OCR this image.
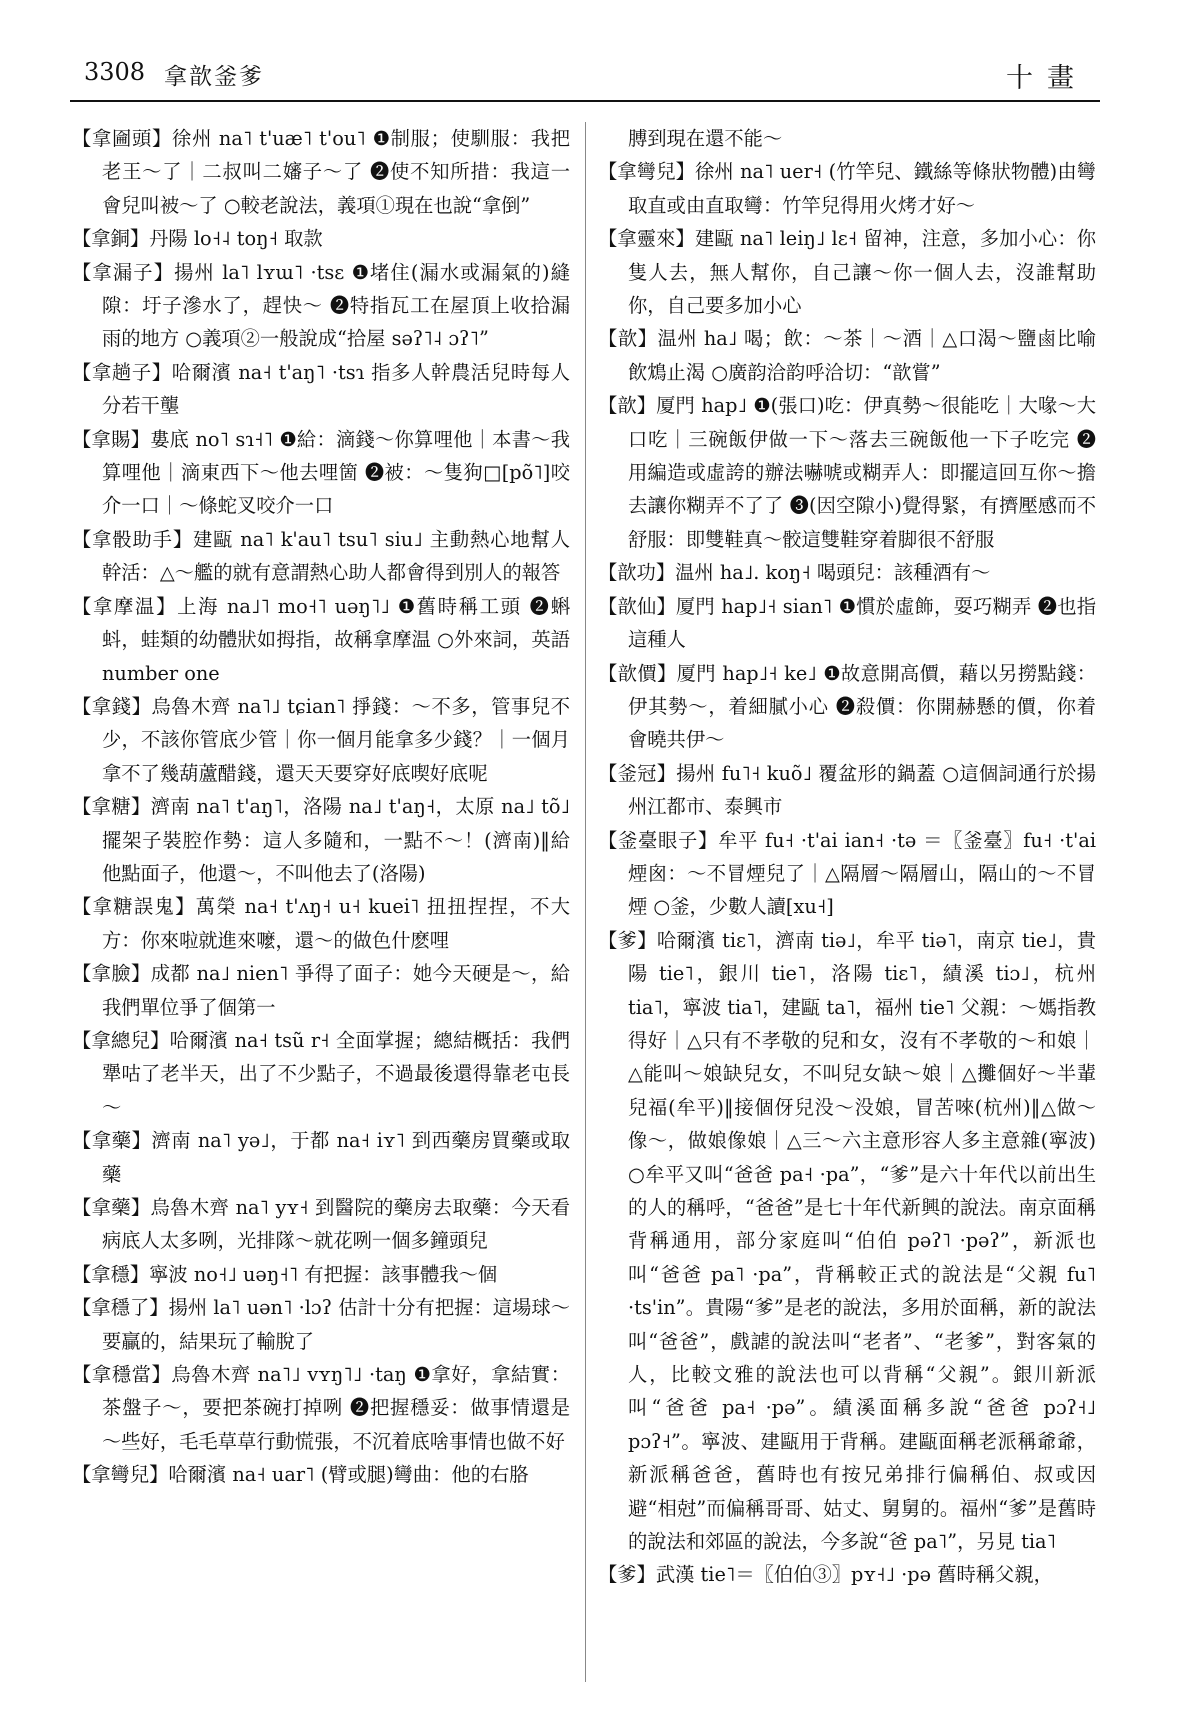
3308 拿歆釜爹	十畫

【拿圇頭】徐州 na˥ t'uæ˥ t'ou˥ ❶制服；使馴服：我把老王～了｜二叔叫二嬸子～了 ❷使不知所措：我這一會兒叫被～了 ○較老說法，義項①現在也說“拿倒”

【拿銅】丹陽 lo˧˨ toŋ˧ 取款

【拿漏子】揚州 la˥ lʏɯ˥ ·tsɛ ❶堵住(漏水或漏氣的)縫隙：圩子滲水了，趕快～ ❷特指瓦工在屋頂上收拾漏雨的地方 ○義項②一般說成“拾屋 səʔ˥˨ ɔʔ˥”

【拿趟子】哈爾濱 na˧ t'aŋ˥ ·tsɿ 指多人幹農活兒時每人分若干壟

【拿賜】婁底 no˥ sɿ˧˥ ❶給：滴錢～你算哩他｜本書～我算哩他｜滴東西下～他去哩箇 ❷被：～隻狗□[põ˥]咬介一口｜～條蛇叉咬介一口

【拿骰助手】建甌 na˥ k'au˥ tsu˥ siu˩ 主動熱心地幫人幹活：△～艦的就有意謂熱心助人都會得到別人的報答

【拿摩温】上海 na˩˥ mo˧˥ uəŋ˥˩ ❶舊時稱工頭 ❷蝌蚪，蛙類的幼體狀如拇指，故稱拿摩温 ○外來詞，英語 number one

【拿錢】烏魯木齊 na˥˩ tɕian˥ 掙錢：～不多，管事兒不少，不該你管底少管｜你一個月能拿多少錢？｜一個月拿不了幾葫蘆醋錢，還天天要穿好底喫好底呢

【拿糖】濟南 na˥ t'aŋ˥，洛陽 na˩ t'aŋ˧，太原 na˩ tõ˩ 擺架子裝腔作勢：這人多隨和，一點不～！(濟南)‖給他點面子，他還～，不叫他去了(洛陽)

【拿糖誤鬼】萬榮 na˧ t'ʌŋ˧ u˧ kuei˥ 扭扭捏捏，不大方：你來啦就進來嚒，還～的做色什麽哩

【拿臉】成都 na˩ nien˥ 爭得了面子：她今天硬是～，給我們單位爭了個第一

【拿總兒】哈爾濱 na˧ tsũ r˧ 全面掌握；總結概括：我們犟咕了老半天，出了不少點子，不過最後還得靠老屯長～

【拿藥】濟南 na˥ yə˩，于都 na˧ iʏ˥ 到西藥房買藥或取藥

【拿藥】烏魯木齊 na˥ yʏ˧ 到醫院的藥房去取藥：今天看病底人太多咧，光排隊～就花咧一個多鐘頭兒

【拿穩】寧波 no˧˩ uəŋ˧˥ 有把握：該事體我～個

【拿穩了】揚州 la˥ uən˥ ·lɔʔ 估計十分有把握：這場球～要贏的，結果玩了輸脫了

【拿穩當】烏魯木齊 na˥˩ vʏŋ˥˩ ·taŋ ❶拿好，拿結實：茶盤子～，要把茶碗打掉咧 ❷把握穩妥：做事情還是～些好，毛毛草草行動慌張，不沉着底啥事情也做不好

【拿彎兒】哈爾濱 na˧ uar˥ (臂或腿)彎曲：他的右胳

膊到現在還不能～

【拿彎兒】徐州 na˥ uer˧ (竹竿兒、鐵絲等條狀物體)由彎取直或由直取彎：竹竿兒得用火烤才好～

【拿靈來】建甌 na˥ leiŋ˩ lɛ˧ 留神，注意，多加小心：你隻人去，無人幫你，自己讓～你一個人去，沒誰幫助你，自己要多加小心

【歆】温州 ha˩ 喝；飲：～茶｜～酒｜△口渴～鹽鹵比喻飲鴆止渴 ○廣韵洽韵呼洽切：“歆嘗”

【歆】厦門 hap˩ ❶(張口)吃：伊真勢～很能吃｜大喙～大口吃｜三碗飯伊做一下～落去三碗飯他一下子吃完 ❷用編造或虛誇的辦法嚇唬或糊弄人：即擺這回互你～擔去讓你糊弄不了了 ❸(因空隙小)覺得緊，有擠壓感而不舒服：即雙鞋真～骹這雙鞋穿着脚很不舒服

【歆功】温州 ha˩. koŋ˧ 喝頭兒：該種酒有～

【歆仙】厦門 hap˩˧ sian˥ ❶慣於虛飾，耍巧糊弄 ❷也指這種人

【歆價】厦門 hap˩˧ ke˩ ❶故意開高價，藉以另撈點錢：伊其勢～，着細膩小心 ❷殺價：你開赫懸的價，你着會曉共伊～

【釜冠】揚州 fu˥˧ kuõ˩ 覆盆形的鍋蓋 ○這個詞通行於揚州江都市、泰興市

【釜臺眼子】牟平 fu˧ ·t'ai ian˧ ·tə ＝〖釜臺〗fu˧ ·t'ai 煙囪：～不冒煙兒了｜△隔層～隔層山，隔山的～不冒煙 ○釜，少數人讀[xu˧]

【爹】哈爾濱 tiɛ˥，濟南 tiə˩，牟平 tiə˥，南京 tie˩，貴陽 tie˥，銀川 tie˥，洛陽 tiɛ˥，績溪 tiɔ˩，杭州 tia˥，寧波 tia˥，建甌 ta˥，福州 tie˥ 父親：～媽指教得好｜△只有不孝敬的兒和女，沒有不孝敬的～和娘｜△能叫～娘缺兒女，不叫兒女缺～娘｜△攤個好～半輩兒福(牟平)‖接個伢兒没～没娘，冒苦唻(杭州)‖△做～像～，做娘像娘｜△三～六主意形容人多主意雜(寧波) ○牟平又叫“爸爸 pa˧ ·pa”，“爹”是六十年代以前出生的人的稱呼，“爸爸”是七十年代新興的說法。南京面稱背稱通用，部分家庭叫“伯伯 pəʔ˥ ·pəʔ”，新派也叫“爸爸 pa˥ ·pa”，背稱較正式的說法是“父親 fu˥ ·ts'in”。貴陽“爹”是老的說法，多用於面稱，新的說法叫“爸爸”，戲謔的說法叫“老者”、“老爹”，對客氣的人，比較文雅的說法也可以背稱“父親”。銀川新派叫“爸爸 pa˧ ·pə”。績溪面稱多說“爸爸 pɔʔ˧˩ pɔʔ˧”。寧波、建甌用于背稱。建甌面稱老派稱爺爺，新派稱爸爸，舊時也有按兄弟排行偏稱伯、叔或因避“相尅”而偏稱哥哥、姑丈、舅舅的。福州“爹”是舊時的說法和郊區的說法，今多說“爸 pa˥”，另見 tia˥

【爹】武漢 tie˥＝〖伯伯③〗pʏ˧˩ ·pə 舊時稱父親，
